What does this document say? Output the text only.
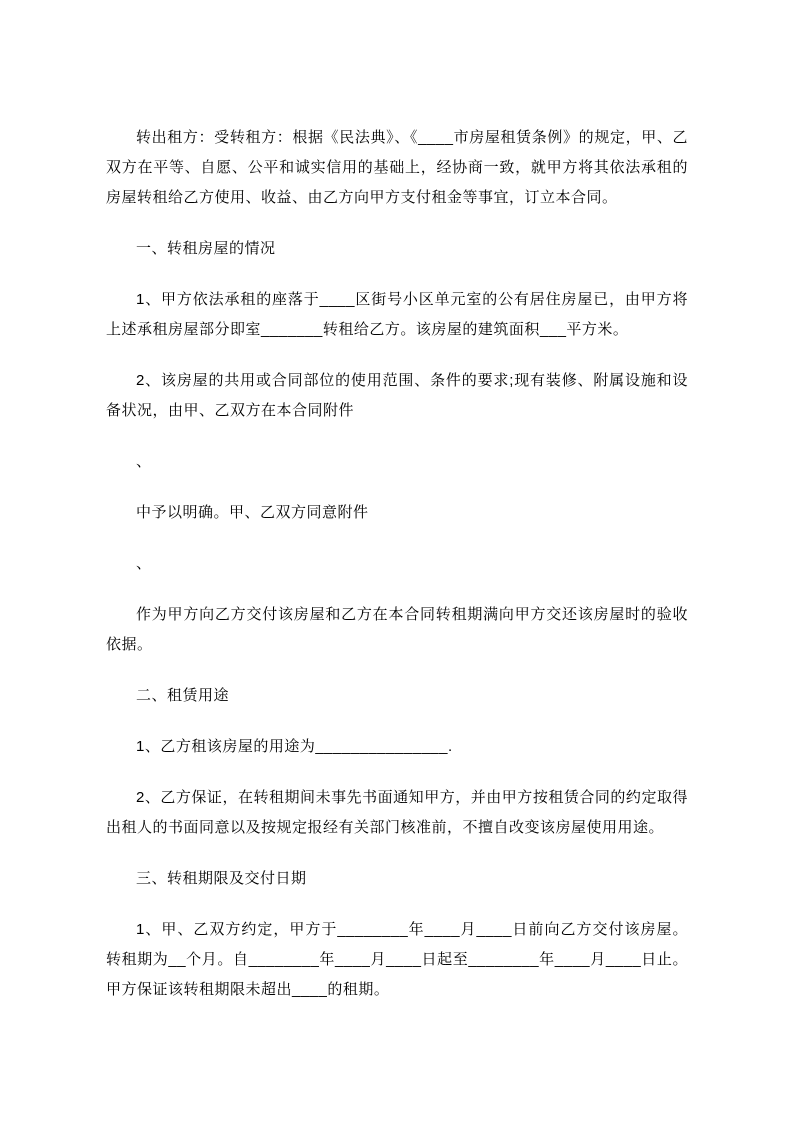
转出租方：受转租方：根据《民法典》、《____市房屋租赁条例》的规定，甲、乙双方在平等、自愿、公平和诚实信用的基础上，经协商一致，就甲方将其依法承租的房屋转租给乙方使用、收益、由乙方向甲方支付租金等事宜，订立本合同。

一、转租房屋的情况

1、甲方依法承租的座落于____区街号小区单元室的公有居住房屋已，由甲方将上述承租房屋部分即室_______转租给乙方。该房屋的建筑面积___平方米。

2、该房屋的共用或合同部位的使用范围、条件的要求;现有装修、附属设施和设备状况，由甲、乙双方在本合同附件

、

中予以明确。甲、乙双方同意附件

、

作为甲方向乙方交付该房屋和乙方在本合同转租期满向甲方交还该房屋时的验收依据。

二、租赁用途

1、乙方租该房屋的用途为_______________.

2、乙方保证，在转租期间未事先书面通知甲方，并由甲方按租赁合同的约定取得出租人的书面同意以及按规定报经有关部门核准前，不擅自改变该房屋使用用途。

三、转租期限及交付日期

1、甲、乙双方约定，甲方于________年____月____日前向乙方交付该房屋。转租期为__个月。自________年____月____日起至________年____月____日止。甲方保证该转租期限未超出____的租期。
